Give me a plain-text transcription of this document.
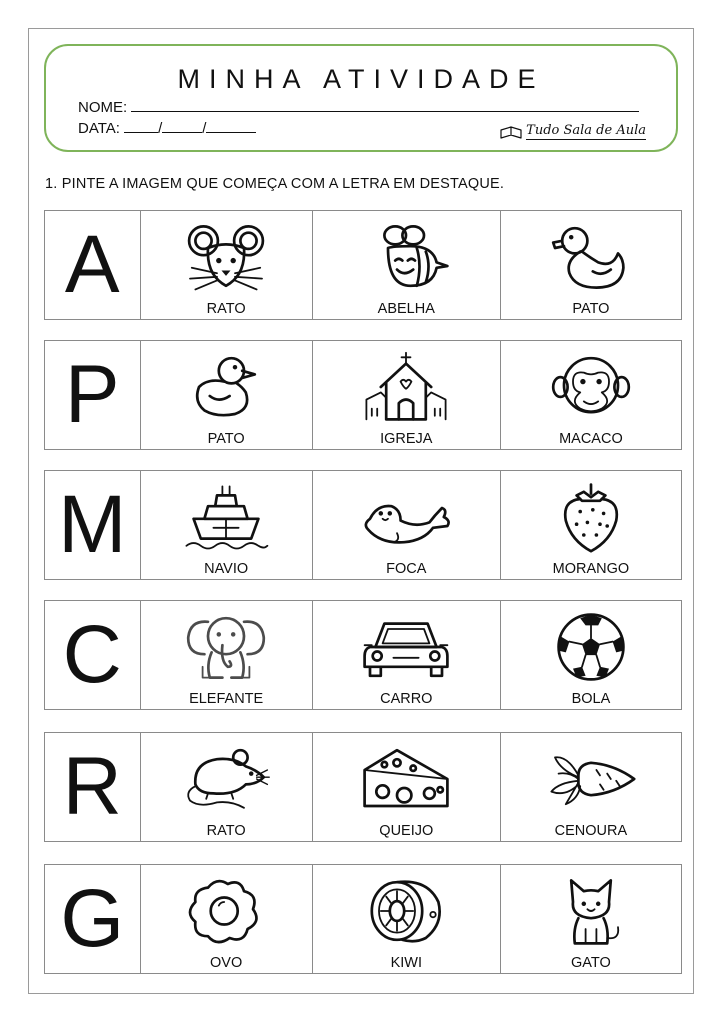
MINHA ATIVIDADE
NOME:
DATA:	/	/	Tudo Sala de Aula
1. PINTE A IMAGEM QUE COMEÇA COM A LETRA EM DESTAQUE.
A	RATO	ABELHA	PATO
P	PATO	IGREJA	MACACO
M	NAVIO	FOCA	MORANGO
C	ELEFANTE	CARRO	BOLA
R	RATO	QUEIJO	CENOURA
G	OVO	KIWI	GATO
